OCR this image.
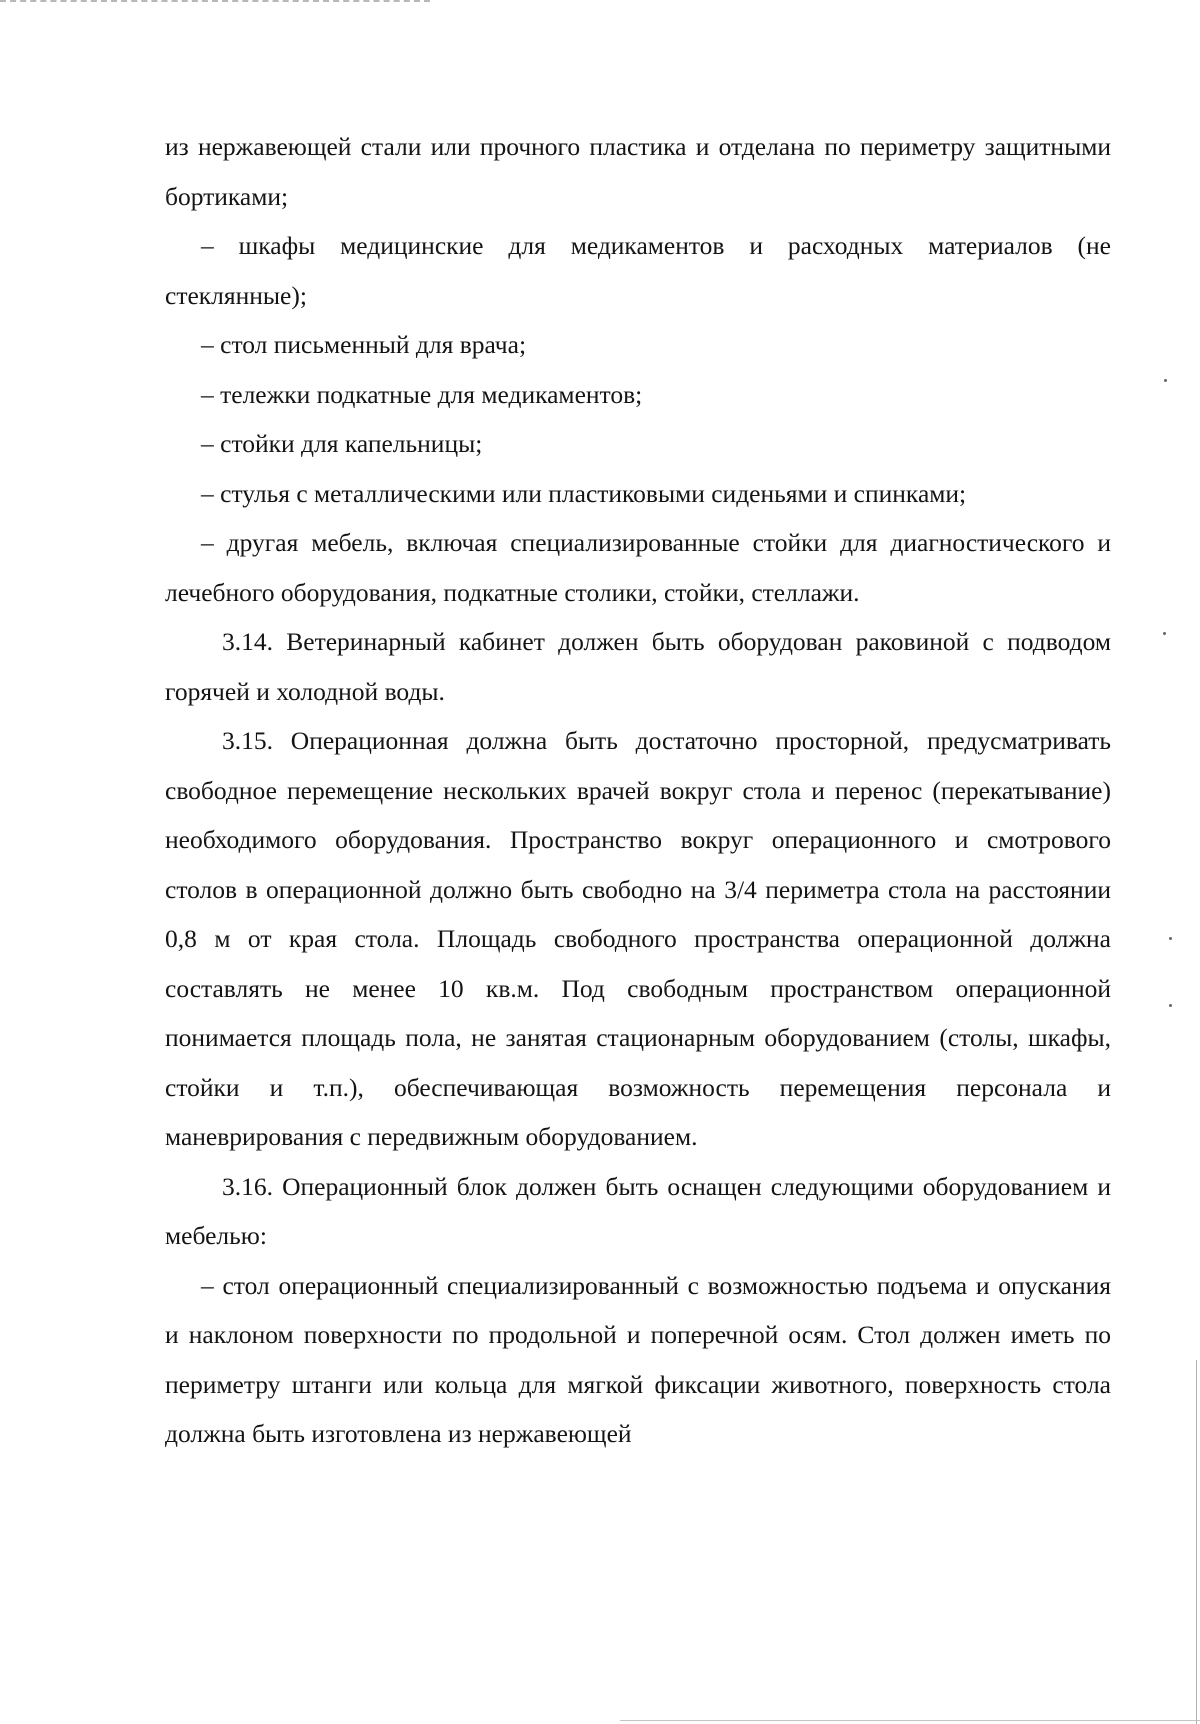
из нержавеющей стали или прочного пластика и отделана по периметру защитными бортиками;

– шкафы медицинские для медикаментов и расходных материалов (не стеклянные);

– стол письменный для врача;

– тележки подкатные для медикаментов;

– стойки для капельницы;

– стулья с металлическими или пластиковыми сиденьями и спинками;

– другая мебель, включая специализированные стойки для диагностического и лечебного оборудования, подкатные столики, стойки, стеллажи.

3.14. Ветеринарный кабинет должен быть оборудован раковиной с подводом горячей и холодной воды.

3.15. Операционная должна быть достаточно просторной, предусматривать свободное перемещение нескольких врачей вокруг стола и перенос (перекатывание) необходимого оборудования. Пространство вокруг операционного и смотрового столов в операционной должно быть свободно на 3/4 периметра стола на расстоянии 0,8 м от края стола. Площадь свободного пространства операционной должна составлять не менее 10 кв.м. Под свободным пространством операционной понимается площадь пола, не занятая стационарным оборудованием (столы, шкафы, стойки и т.п.), обеспечивающая возможность перемещения персонала и маневрирования с передвижным оборудованием.

3.16. Операционный блок должен быть оснащен следующими оборудованием и мебелью:

– стол операционный специализированный с возможностью подъема и опускания и наклоном поверхности по продольной и поперечной осям. Стол должен иметь по периметру штанги или кольца для мягкой фиксации животного, поверхность стола должна быть изготовлена из нержавеющей
